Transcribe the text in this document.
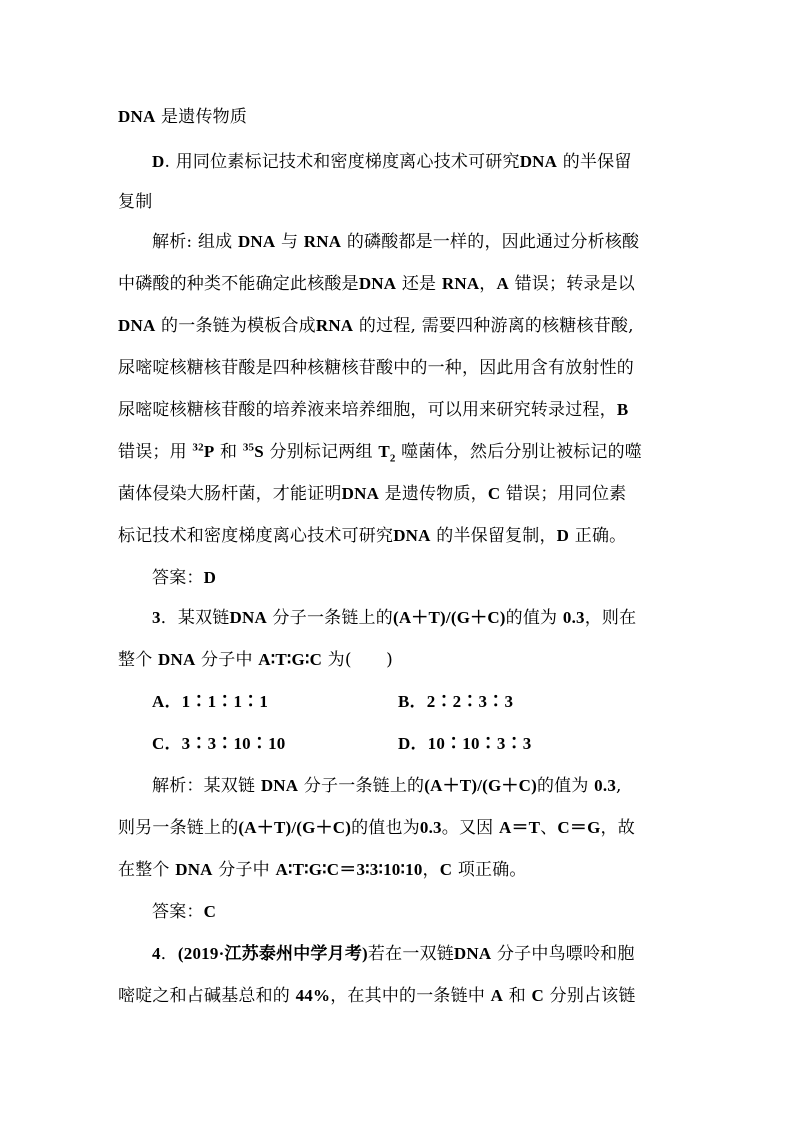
DNA 是遗传物质
D. 用同位素标记技术和密度梯度离心技术可研究DNA 的半保留
复制
解析: 组成 DNA 与 RNA 的磷酸都是一样的，因此通过分析核酸
中磷酸的种类不能确定此核酸是DNA 还是 RNA，A 错误；转录是以
DNA 的一条链为模板合成RNA 的过程, 需要四种游离的核糖核苷酸,
尿嘧啶核糖核苷酸是四种核糖核苷酸中的一种，因此用含有放射性的
尿嘧啶核糖核苷酸的培养液来培养细胞，可以用来研究转录过程，B
错误；用 $^{32}$P 和 $^{35}$S 分别标记两组 $T_2$ 噬菌体，然后分别让被标记的噬
菌体侵染大肠杆菌，才能证明DNA 是遗传物质，C 错误；用同位素
标记技术和密度梯度离心技术可研究DNA 的半保留复制，D 正确。
答案：D
3．某双链DNA 分子一条链上的(A＋T)/(G＋C)的值为 0.3，则在
整个 DNA 分子中 A∶T∶G∶C 为(　　)
A．1∶1∶1∶1	B．2∶2∶3∶3
C．3∶3∶10∶10	D．10∶10∶3∶3
解析：某双链 DNA 分子一条链上的(A＋T)/(G＋C)的值为 0.3,
则另一条链上的(A＋T)/(G＋C)的值也为0.3。又因 A＝T、C＝G，故
在整个 DNA 分子中 A∶T∶G∶C＝3∶3∶10∶10，C 项正确。
答案：C
4．(2019·江苏泰州中学月考)若在一双链DNA 分子中鸟嘌呤和胞
嘧啶之和占碱基总和的 44%，在其中的一条链中 A 和 C 分别占该链
